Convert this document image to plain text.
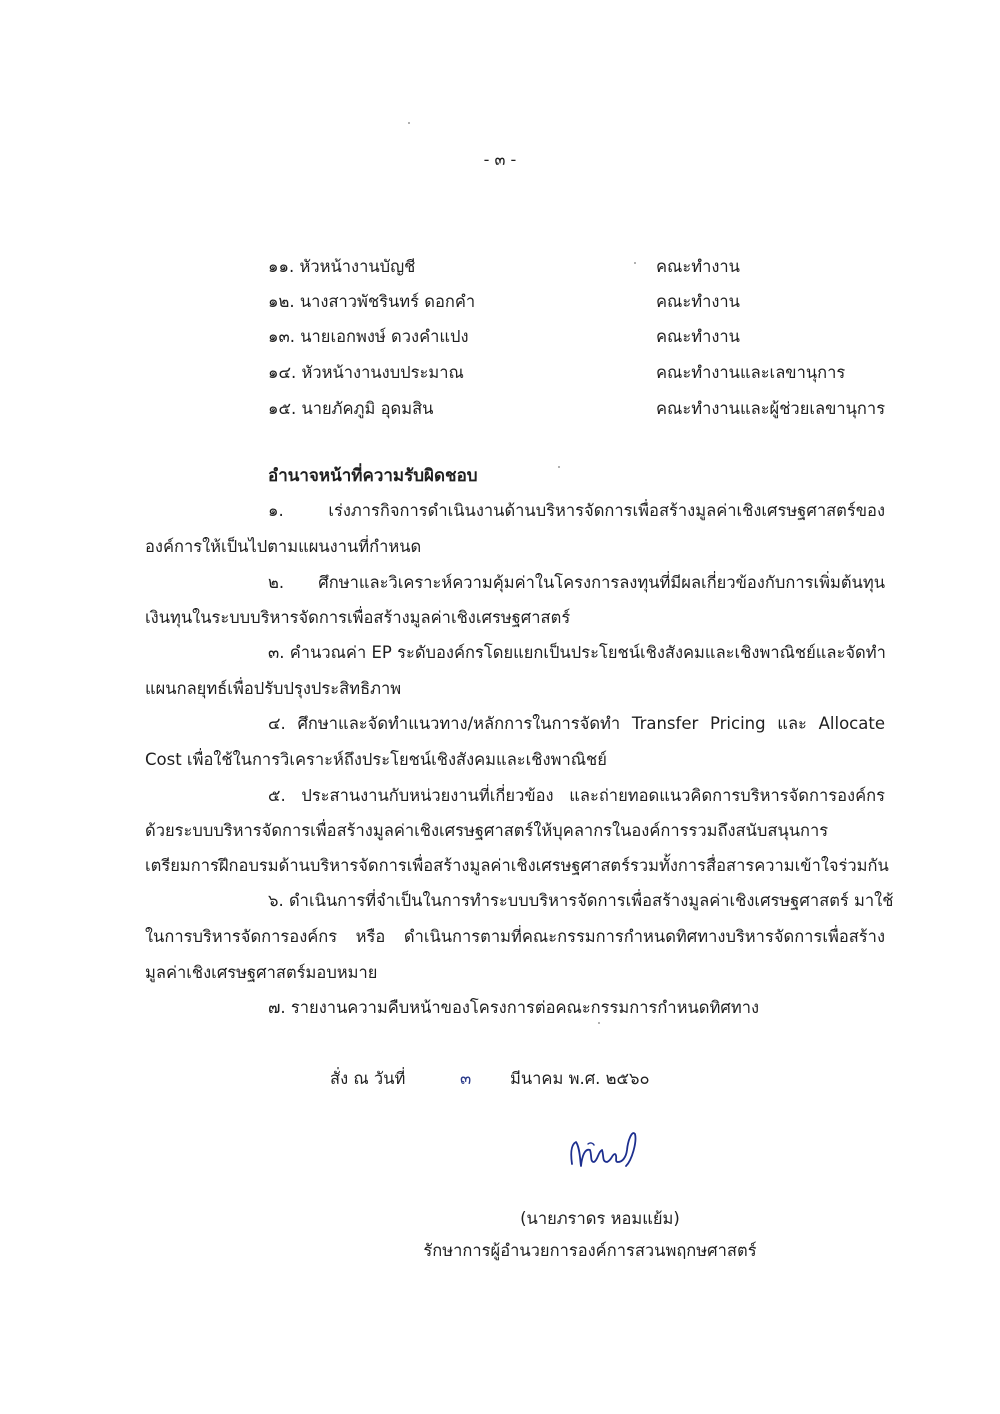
- ๓ -
๑๑. หัวหน้างานบัญชี	คณะทำงาน
๑๒. นางสาวพัชรินทร์ ดอกคำ	คณะทำงาน
๑๓. นายเอกพงษ์ ดวงคำแปง	คณะทำงาน
๑๔. หัวหน้างานงบประมาณ	คณะทำงานและเลขานุการ
๑๕. นายภัคภูมิ อุดมสิน	คณะทำงานและผู้ช่วยเลขานุการ
อำนาจหน้าที่ความรับผิดชอบ
๑. เร่งภารกิจการดำเนินงานด้านบริหารจัดการเพื่อสร้างมูลค่าเชิงเศรษฐศาสตร์ของ
องค์การให้เป็นไปตามแผนงานที่กำหนด
๒. ศึกษาและวิเคราะห์ความคุ้มค่าในโครงการลงทุนที่มีผลเกี่ยวข้องกับการเพิ่มต้นทุน
เงินทุนในระบบบริหารจัดการเพื่อสร้างมูลค่าเชิงเศรษฐศาสตร์
๓. คำนวณค่า EP ระดับองค์กรโดยแยกเป็นประโยชน์เชิงสังคมและเชิงพาณิชย์และจัดทำ
แผนกลยุทธ์เพื่อปรับปรุงประสิทธิภาพ
๔. ศึกษาและจัดทำแนวทาง/หลักการในการจัดทำ Transfer Pricing และ Allocate
Cost เพื่อใช้ในการวิเคราะห์ถึงประโยชน์เชิงสังคมและเชิงพาณิชย์
๕. ประสานงานกับหน่วยงานที่เกี่ยวข้อง และถ่ายทอดแนวคิดการบริหารจัดการองค์กร
ด้วยระบบบริหารจัดการเพื่อสร้างมูลค่าเชิงเศรษฐศาสตร์ให้บุคลากรในองค์การรวมถึงสนับสนุนการ
เตรียมการฝึกอบรมด้านบริหารจัดการเพื่อสร้างมูลค่าเชิงเศรษฐศาสตร์รวมทั้งการสื่อสารความเข้าใจร่วมกัน
๖. ดำเนินการที่จำเป็นในการทำระบบบริหารจัดการเพื่อสร้างมูลค่าเชิงเศรษฐศาสตร์ มาใช้
ในการบริหารจัดการองค์กร หรือ ดำเนินการตามที่คณะกรรมการกำหนดทิศทางบริหารจัดการเพื่อสร้าง
มูลค่าเชิงเศรษฐศาสตร์มอบหมาย
๗. รายงานความคืบหน้าของโครงการต่อคณะกรรมการกำหนดทิศทาง
สั่ง ณ วันที่	๓ มีนาคม พ.ศ. ๒๕๖๐
(นายภราดร หอมแย้ม)
รักษาการผู้อำนวยการองค์การสวนพฤกษศาสตร์
